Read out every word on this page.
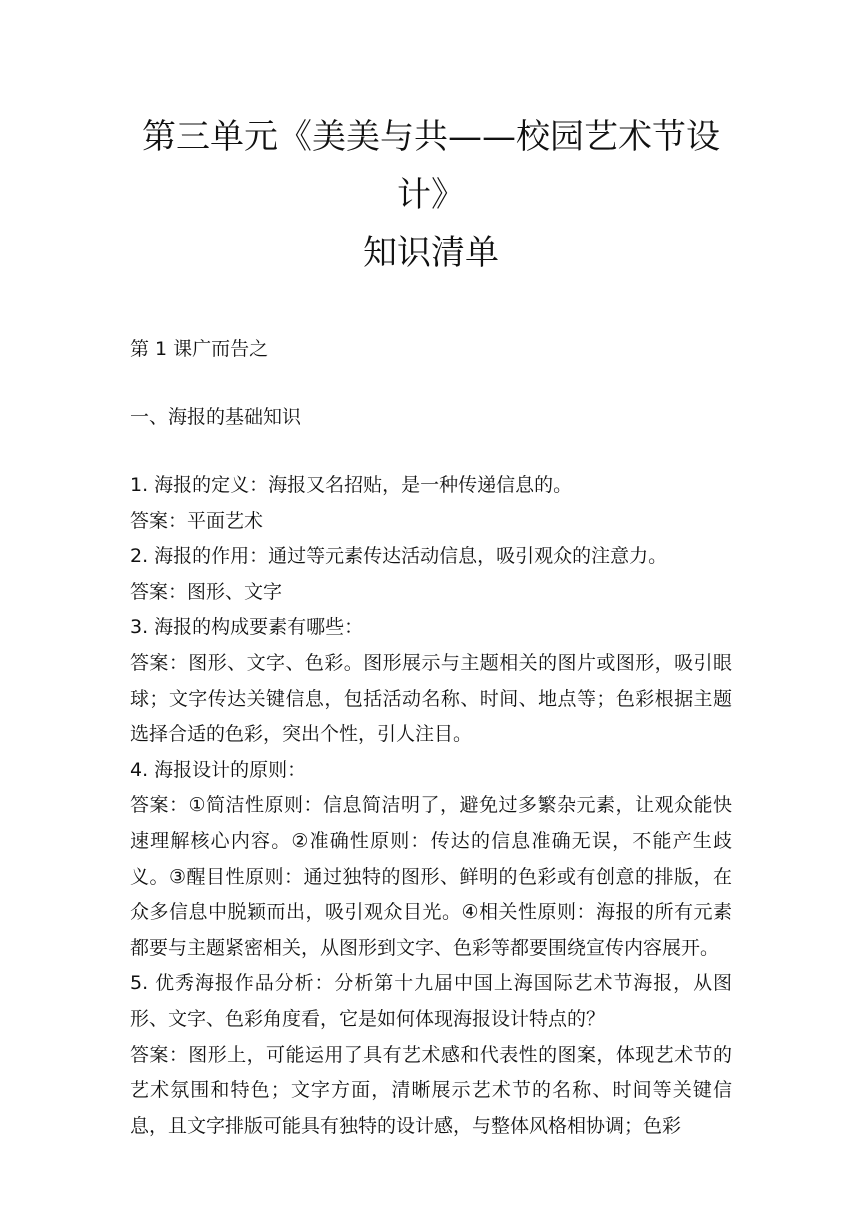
第三单元《美美与共——校园艺术节设计》
知识清单

第 1 课广而告之

一、海报的基础知识

1. 海报的定义：海报又名招贴，是一种传递信息的。

答案：平面艺术

2. 海报的作用：通过等元素传达活动信息，吸引观众的注意力。

答案：图形、文字

3. 海报的构成要素有哪些：

答案：图形、文字、色彩。图形展示与主题相关的图片或图形，吸引眼球；文字传达关键信息，包括活动名称、时间、地点等；色彩根据主题选择合适的色彩，突出个性，引人注目。

4. 海报设计的原则：

答案：①简洁性原则：信息简洁明了，避免过多繁杂元素，让观众能快速理解核心内容。②准确性原则：传达的信息准确无误，不能产生歧义。③醒目性原则：通过独特的图形、鲜明的色彩或有创意的排版，在众多信息中脱颖而出，吸引观众目光。④相关性原则：海报的所有元素都要与主题紧密相关，从图形到文字、色彩等都要围绕宣传内容展开。

5. 优秀海报作品分析：分析第十九届中国上海国际艺术节海报，从图形、文字、色彩角度看，它是如何体现海报设计特点的？

答案：图形上，可能运用了具有艺术感和代表性的图案，体现艺术节的艺术氛围和特色；文字方面，清晰展示艺术节的名称、时间等关键信息，且文字排版可能具有独特的设计感，与整体风格相协调；色彩
